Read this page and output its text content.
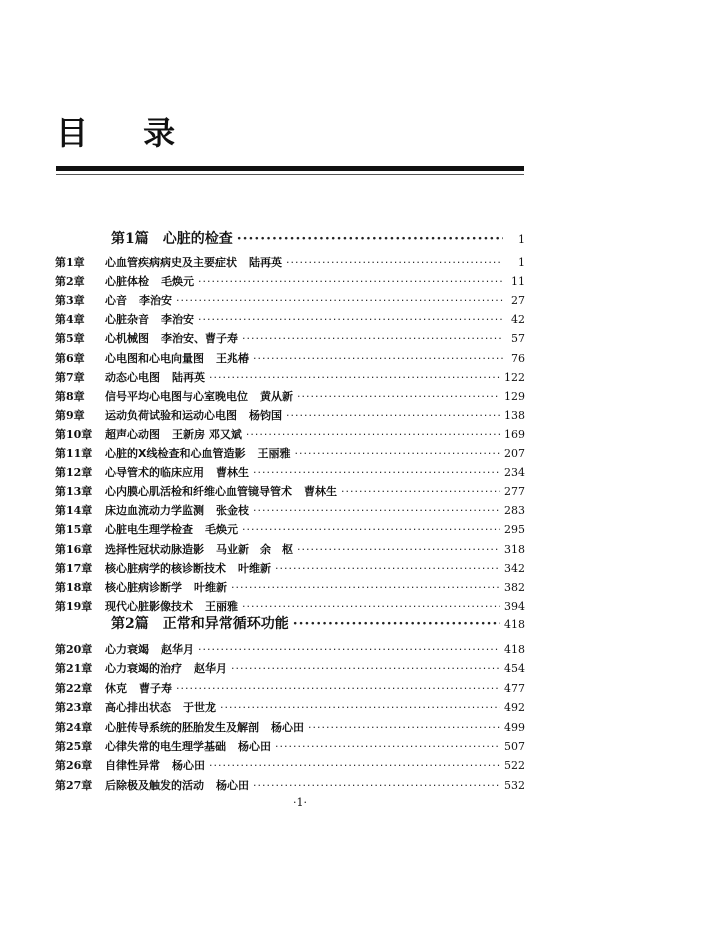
目 录
第1篇 心脏的检查 ·····	1
第1章	心血管疾病病史及主要症状 陆再英 ·····	1
第2章	心脏体检 毛焕元 ·····	11
第3章	心音 李治安 ·····	27
第4章	心脏杂音 李治安 ·····	42
第5章	心机械图 李治安、曹子寿 ·····	57
第6章	心电图和心电向量图 王兆椿 ·····	76
第7章	动态心电图 陆再英 ·····	122
第8章	信号平均心电图与心室晚电位 黄从新 ·····	129
第9章	运动负荷试验和运动心电图 杨钧国 ·····	138
第10章	超声心动图 王新房 邓又斌 ·····	169
第11章	心脏的X线检查和心血管造影 王丽雅 ·····	207
第12章	心导管术的临床应用 曹林生 ·····	234
第13章	心内膜心肌活检和纤维心血管镜导管术 曹林生 ·····	277
第14章	床边血流动力学监测 张金枝 ·····	283
第15章	心脏电生理学检查 毛焕元 ·····	295
第16章	选择性冠状动脉造影 马业新　余　枢 ·····	318
第17章	核心脏病学的核诊断技术 叶维新 ·····	342
第18章	核心脏病诊断学 叶维新 ·····	382
第19章	现代心脏影像技术 王丽雅 ·····	394
第2篇 正常和异常循环功能 ·····	418
第20章	心力衰竭 赵华月 ·····	418
第21章	心力衰竭的治疗 赵华月 ·····	454
第22章	休克 曹子寿 ·····	477
第23章	高心排出状态 于世龙 ·····	492
第24章	心脏传导系统的胚胎发生及解剖 杨心田 ·····	499
第25章	心律失常的电生理学基础 杨心田 ·····	507
第26章	自律性异常 杨心田 ·····	522
第27章	后除极及触发的活动 杨心田 ·····	532
·1·
